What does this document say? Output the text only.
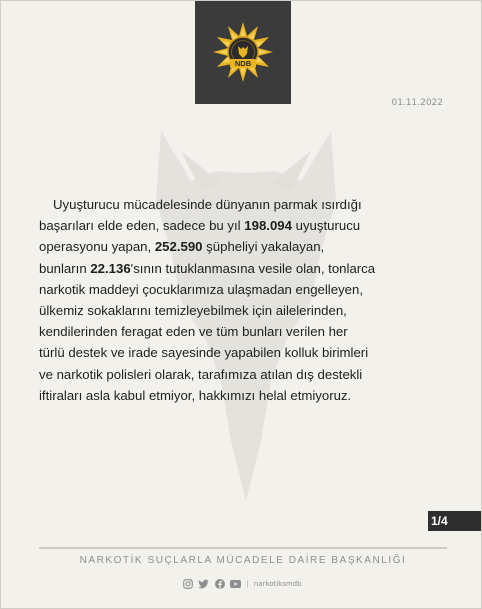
NDB
01.11.2022

Uyuşturucu mücadelesinde dünyanın parmak ısırdığı
başarıları elde eden, sadece bu yıl 198.094 uyuşturucu
operasyonu yapan, 252.590 şüpheliyi yakalayan,
bunların 22.136'sının tutuklanmasına vesile olan, tonlarca
narkotik maddeyi çocuklarımıza ulaşmadan engelleyen,
ülkemiz sokaklarını temizleyebilmek için ailelerinden,
kendilerinden feragat eden ve tüm bunları verilen her
türlü destek ve irade sayesinde yapabilen kolluk birimleri
ve narkotik polisleri olarak, tarafımıza atılan dış destekli
iftiraları asla kabul etmiyor, hakkımızı helal etmiyoruz.

1/4
NARKOTİK SUÇLARLA MÜCADELE DAİRE BAŞKANLIĞI
| narkotiksmdb
